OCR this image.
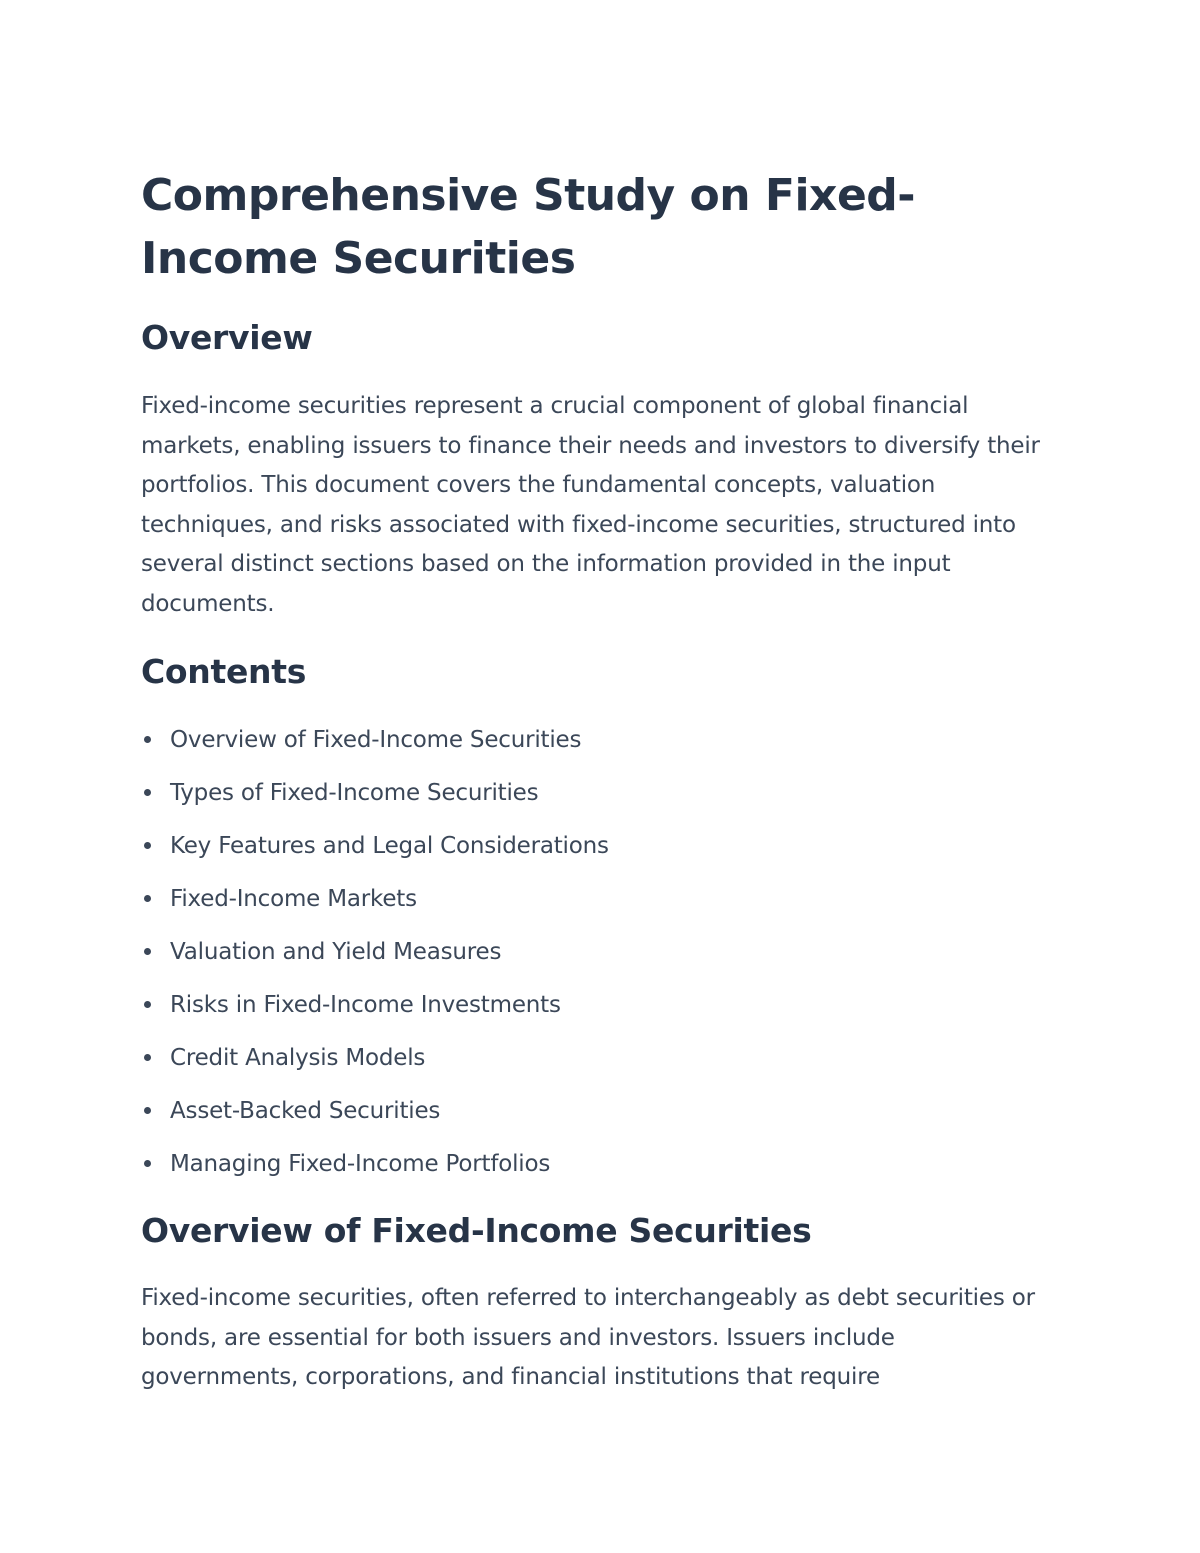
Comprehensive Study on Fixed-Income Securities
Overview

Fixed-income securities represent a crucial component of global financial markets, enabling issuers to finance their needs and investors to diversify their portfolios. This document covers the fundamental concepts, valuation techniques, and risks associated with fixed-income securities, structured into several distinct sections based on the information provided in the input documents.

Contents
Overview of Fixed-Income Securities
Types of Fixed-Income Securities
Key Features and Legal Considerations
Fixed-Income Markets
Valuation and Yield Measures
Risks in Fixed-Income Investments
Credit Analysis Models
Asset-Backed Securities
Managing Fixed-Income Portfolios
Overview of Fixed-Income Securities

Fixed-income securities, often referred to interchangeably as debt securities or bonds, are essential for both issuers and investors. Issuers include governments, corporations, and financial institutions that require
